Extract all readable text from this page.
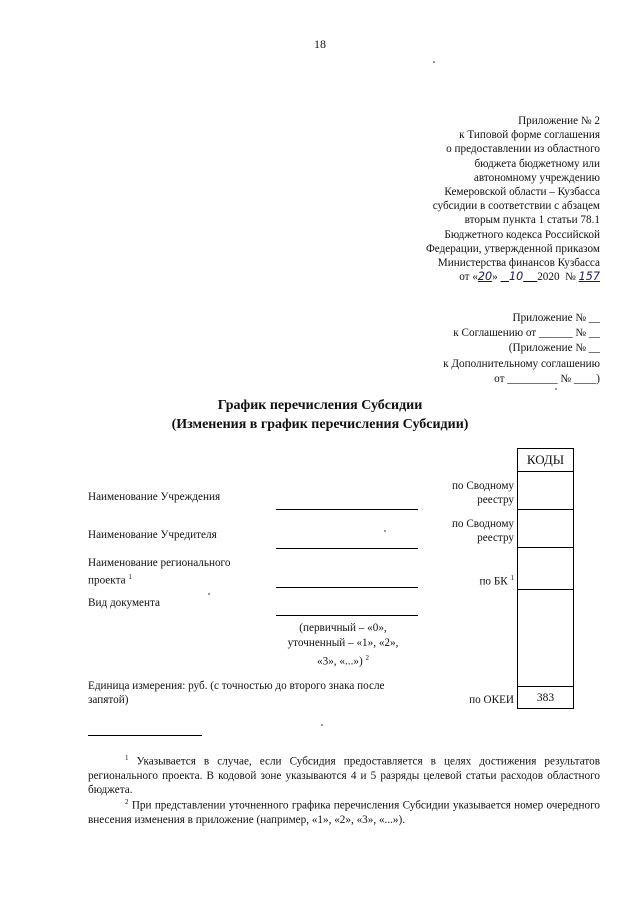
18
Приложение № 2
к Типовой форме соглашения
о предоставлении из областного
бюджета бюджетному или
автономному учреждению
Кемеровской области – Кузбасса
субсидии в соответствии с абзацем
вторым пункта 1 статьи 78.1
Бюджетного кодекса Российской
Федерации, утвержденной приказом
Министерства финансов Кузбасса
от «20»    10 2020 № 157
Приложение № __
к Соглашению от ______ № __
(Приложение № __
к Дополнительному соглашению
от _________ № ____)
График перечисления Субсидии
(Изменения в график перечисления Субсидии)
КОДЫ
383
Наименование Учреждения
Наименование Учредителя
Наименование регионального
проекта $^1$
Вид документа
(первичный – «0»,
уточненный – «1», «2»,
«3», «...») $^2$
Единица измерения: руб. (с точностью до второго знака после
запятой)
по Сводному
реестру
по Сводному
реестру
по БК $^1$
по ОКЕИ
$^1$ Указывается в случае, если Субсидия предоставляется в целях достижения результатов регионального проекта. В кодовой зоне указываются 4 и 5 разряды целевой статьи расходов областного бюджета.
$^2$ При представлении уточненного графика перечисления Субсидии указывается номер очередного внесения изменения в приложение (например, «1», «2», «3», «...»).
